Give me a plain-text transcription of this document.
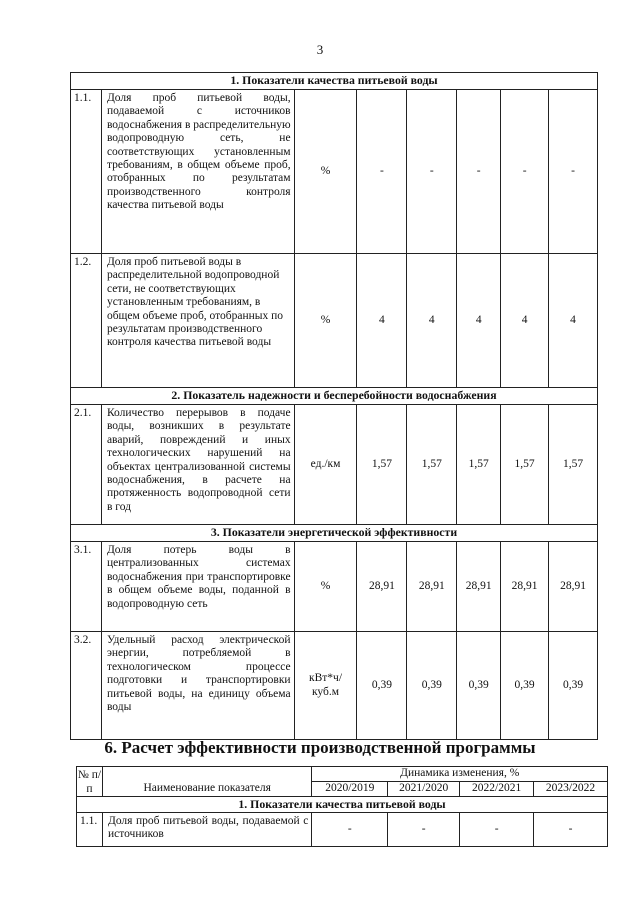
3
1. Показатели качества питьевой воды							
1.1.	Доля проб питьевой воды, подаваемой с источников водоснабжения в распределительную водопроводную сеть, не соответствующих установленным требованиям, в общем объеме проб, отобранных по результатам производственного контроля качества питьевой воды	%	-	-	-	-	-
1.2.	Доля проб питьевой воды в распределительной водопроводной сети, не соответствующих установленным требованиям, в общем объеме проб, отобранных по результатам производственного контроля качества питьевой воды	%	4	4	4	4	4
2. Показатель надежности и бесперебойности водоснабжения							
2.1.	Количество перерывов в подаче воды, возникших в результате аварий, повреждений и иных технологических нарушений на объектах централизованной системы водоснабжения, в расчете на протяженность водопроводной сети в год	ед./км	1,57	1,57	1,57	1,57	1,57
3. Показатели энергетической эффективности							
3.1.	Доля потерь воды в централизованных системах водоснабжения при транспортировке в общем объеме воды, поданной в водопроводную сеть	%	28,91	28,91	28,91	28,91	28,91
3.2.	Удельный расход электрической энергии, потребляемой в технологическом процессе подготовки и транспортировки питьевой воды, на единицу объема воды	кВт*ч/ куб.м	0,39	0,39	0,39	0,39	0,39
6. Расчет эффективности производственной программы
№ п/п	Наименование показателя	Динамика изменения, %			
		2020/2019	2021/2020	2022/2021	2023/2022
1. Показатели качества питьевой воды					
1.1.	Доля проб питьевой воды, подаваемой с источников	-	-	-	-
